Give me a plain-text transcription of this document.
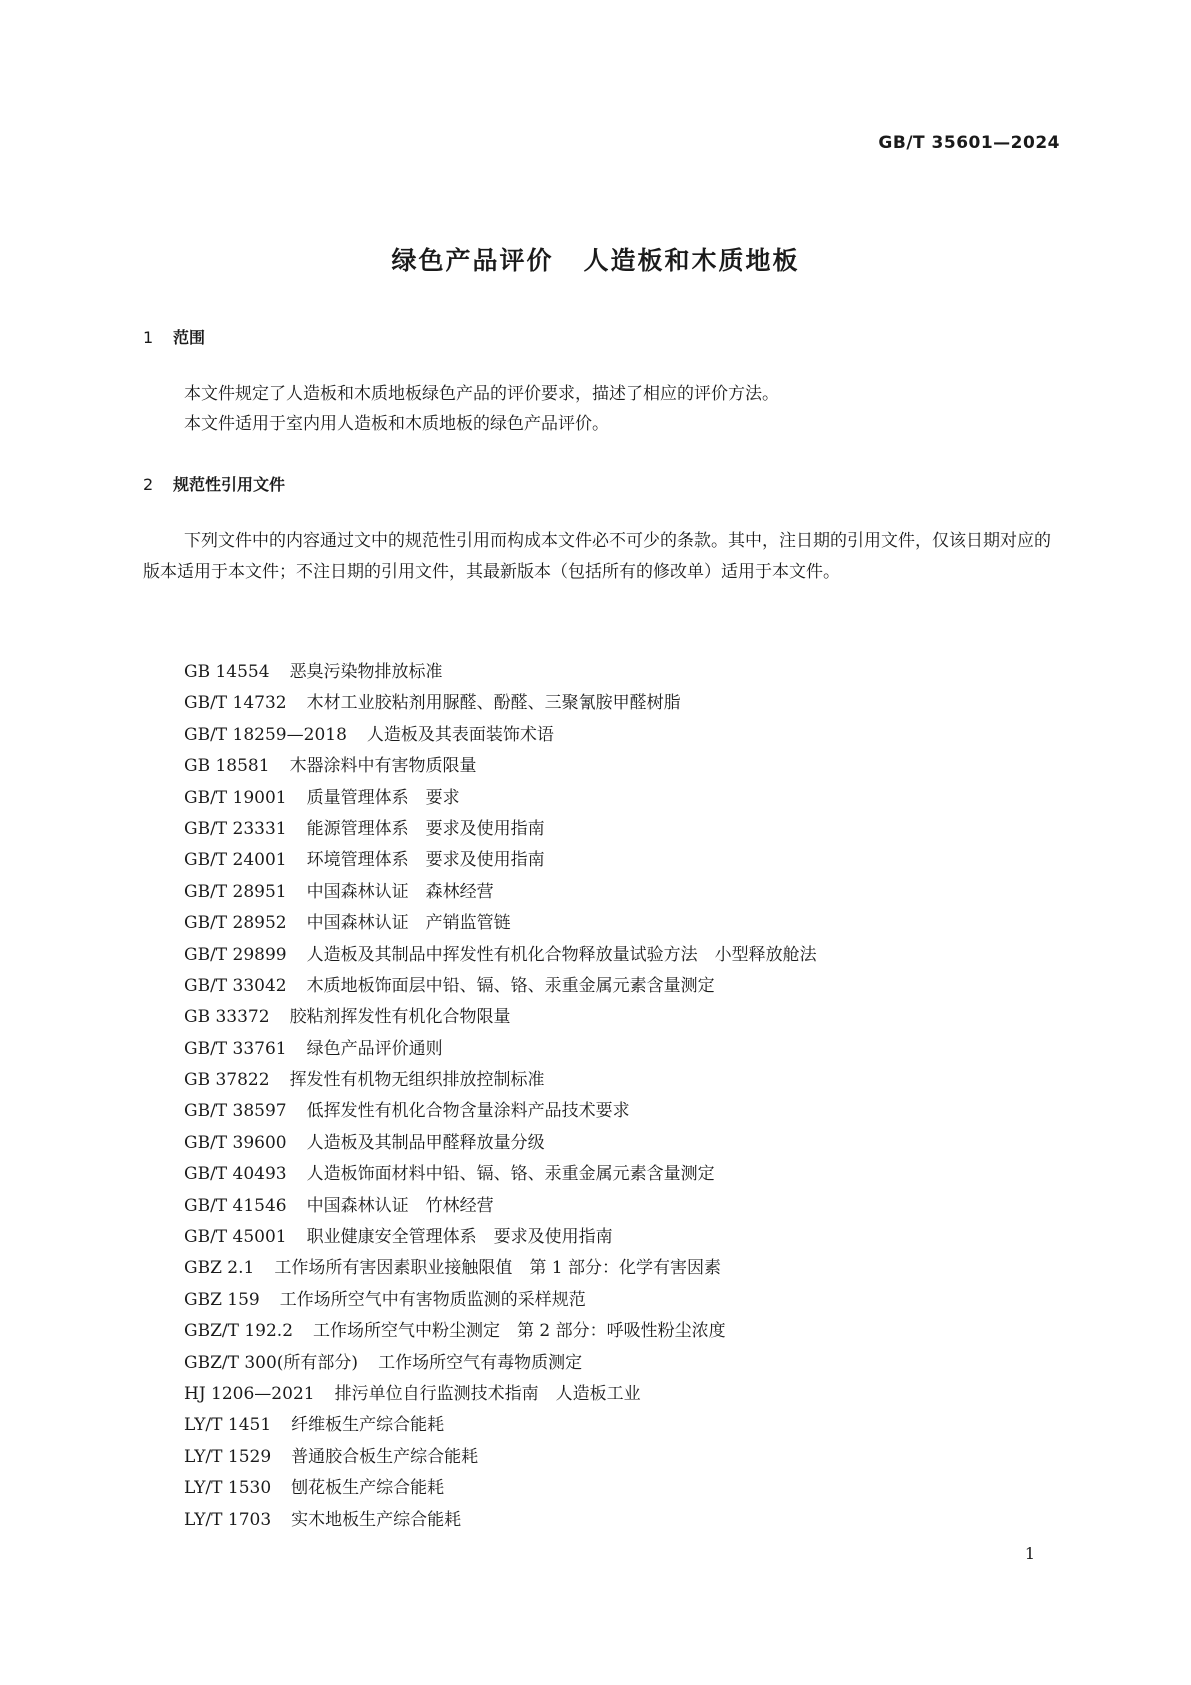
GB/T 35601—2024
绿色产品评价 人造板和木质地板
1 范围

本文件规定了人造板和木质地板绿色产品的评价要求，描述了相应的评价方法。

本文件适用于室内用人造板和木质地板的绿色产品评价。

2 规范性引用文件

下列文件中的内容通过文中的规范性引用而构成本文件必不可少的条款。其中，注日期的引用文件，仅该日期对应的版本适用于本文件；不注日期的引用文件，其最新版本（包括所有的修改单）适用于本文件。

GB 14554 恶臭污染物排放标准
GB/T 14732 木材工业胶粘剂用脲醛、酚醛、三聚氰胺甲醛树脂
GB/T 18259—2018 人造板及其表面装饰术语
GB 18581 木器涂料中有害物质限量
GB/T 19001 质量管理体系　要求
GB/T 23331 能源管理体系　要求及使用指南
GB/T 24001 环境管理体系　要求及使用指南
GB/T 28951 中国森林认证　森林经营
GB/T 28952 中国森林认证　产销监管链
GB/T 29899 人造板及其制品中挥发性有机化合物释放量试验方法　小型释放舱法
GB/T 33042 木质地板饰面层中铅、镉、铬、汞重金属元素含量测定
GB 33372 胶粘剂挥发性有机化合物限量
GB/T 33761 绿色产品评价通则
GB 37822 挥发性有机物无组织排放控制标准
GB/T 38597 低挥发性有机化合物含量涂料产品技术要求
GB/T 39600 人造板及其制品甲醛释放量分级
GB/T 40493 人造板饰面材料中铅、镉、铬、汞重金属元素含量测定
GB/T 41546 中国森林认证　竹林经营
GB/T 45001 职业健康安全管理体系　要求及使用指南
GBZ 2.1 工作场所有害因素职业接触限值　第 1 部分：化学有害因素
GBZ 159 工作场所空气中有害物质监测的采样规范
GBZ/T 192.2 工作场所空气中粉尘测定　第 2 部分：呼吸性粉尘浓度
GBZ/T 300(所有部分) 工作场所空气有毒物质测定
HJ 1206—2021 排污单位自行监测技术指南　人造板工业
LY/T 1451 纤维板生产综合能耗
LY/T 1529 普通胶合板生产综合能耗
LY/T 1530 刨花板生产综合能耗
LY/T 1703 实木地板生产综合能耗
1
